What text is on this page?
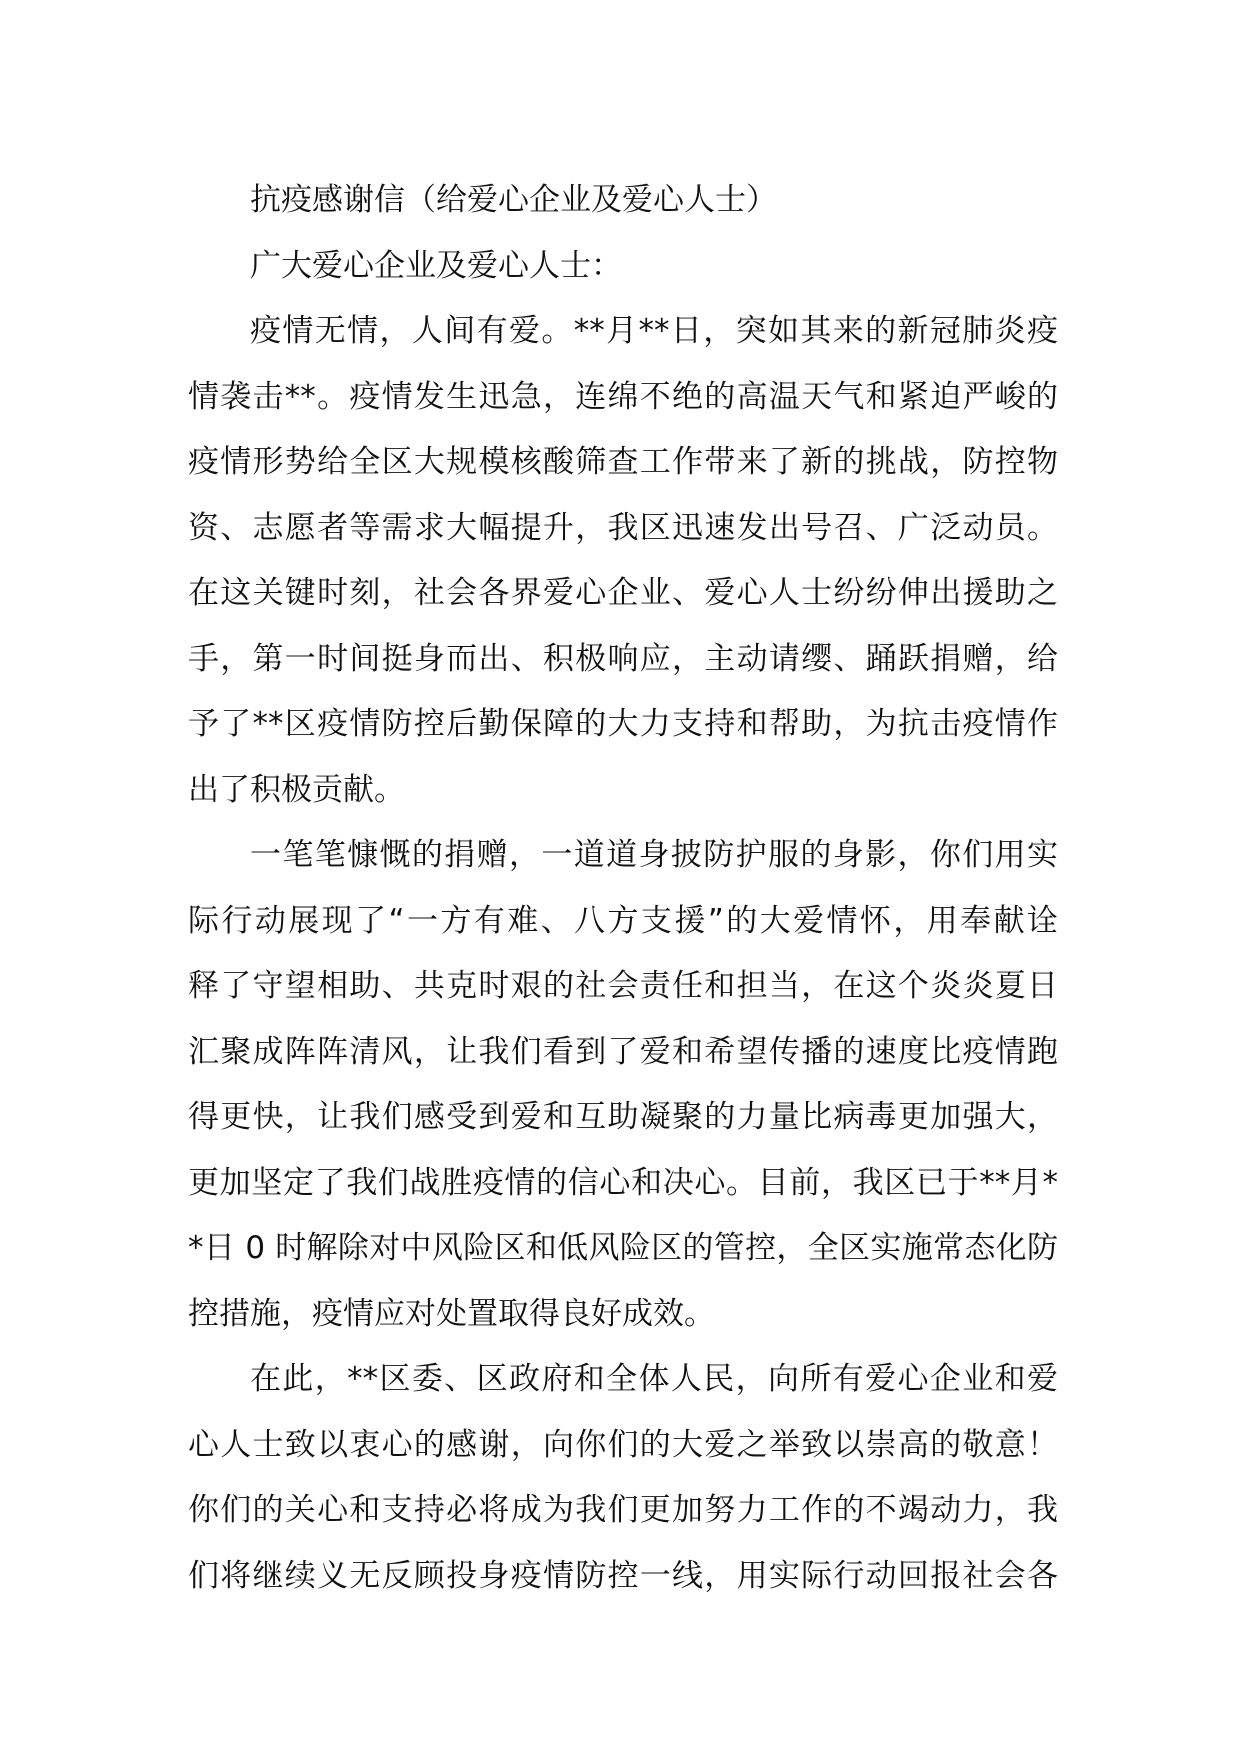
抗疫感谢信（给爱心企业及爱心人士）
广大爱心企业及爱心人士：
疫情无情，人间有爱。**月**日，突如其来的新冠肺炎疫
情袭击**。疫情发生迅急，连绵不绝的高温天气和紧迫严峻的
疫情形势给全区大规模核酸筛查工作带来了新的挑战，防控物
资、志愿者等需求大幅提升，我区迅速发出号召、广泛动员。
在这关键时刻，社会各界爱心企业、爱心人士纷纷伸出援助之
手，第一时间挺身而出、积极响应，主动请缨、踊跃捐赠，给
予了**区疫情防控后勤保障的大力支持和帮助，为抗击疫情作
出了积极贡献。
一笔笔慷慨的捐赠，一道道身披防护服的身影，你们用实
际行动展现了“一方有难、八方支援”的大爱情怀，用奉献诠
释了守望相助、共克时艰的社会责任和担当，在这个炎炎夏日
汇聚成阵阵清风，让我们看到了爱和希望传播的速度比疫情跑
得更快，让我们感受到爱和互助凝聚的力量比病毒更加强大，
更加坚定了我们战胜疫情的信心和决心。目前，我区已于**月*
*日 0 时解除对中风险区和低风险区的管控，全区实施常态化防
控措施，疫情应对处置取得良好成效。
在此，**区委、区政府和全体人民，向所有爱心企业和爱
心人士致以衷心的感谢，向你们的大爱之举致以崇高的敬意！
你们的关心和支持必将成为我们更加努力工作的不竭动力，我
们将继续义无反顾投身疫情防控一线，用实际行动回报社会各
